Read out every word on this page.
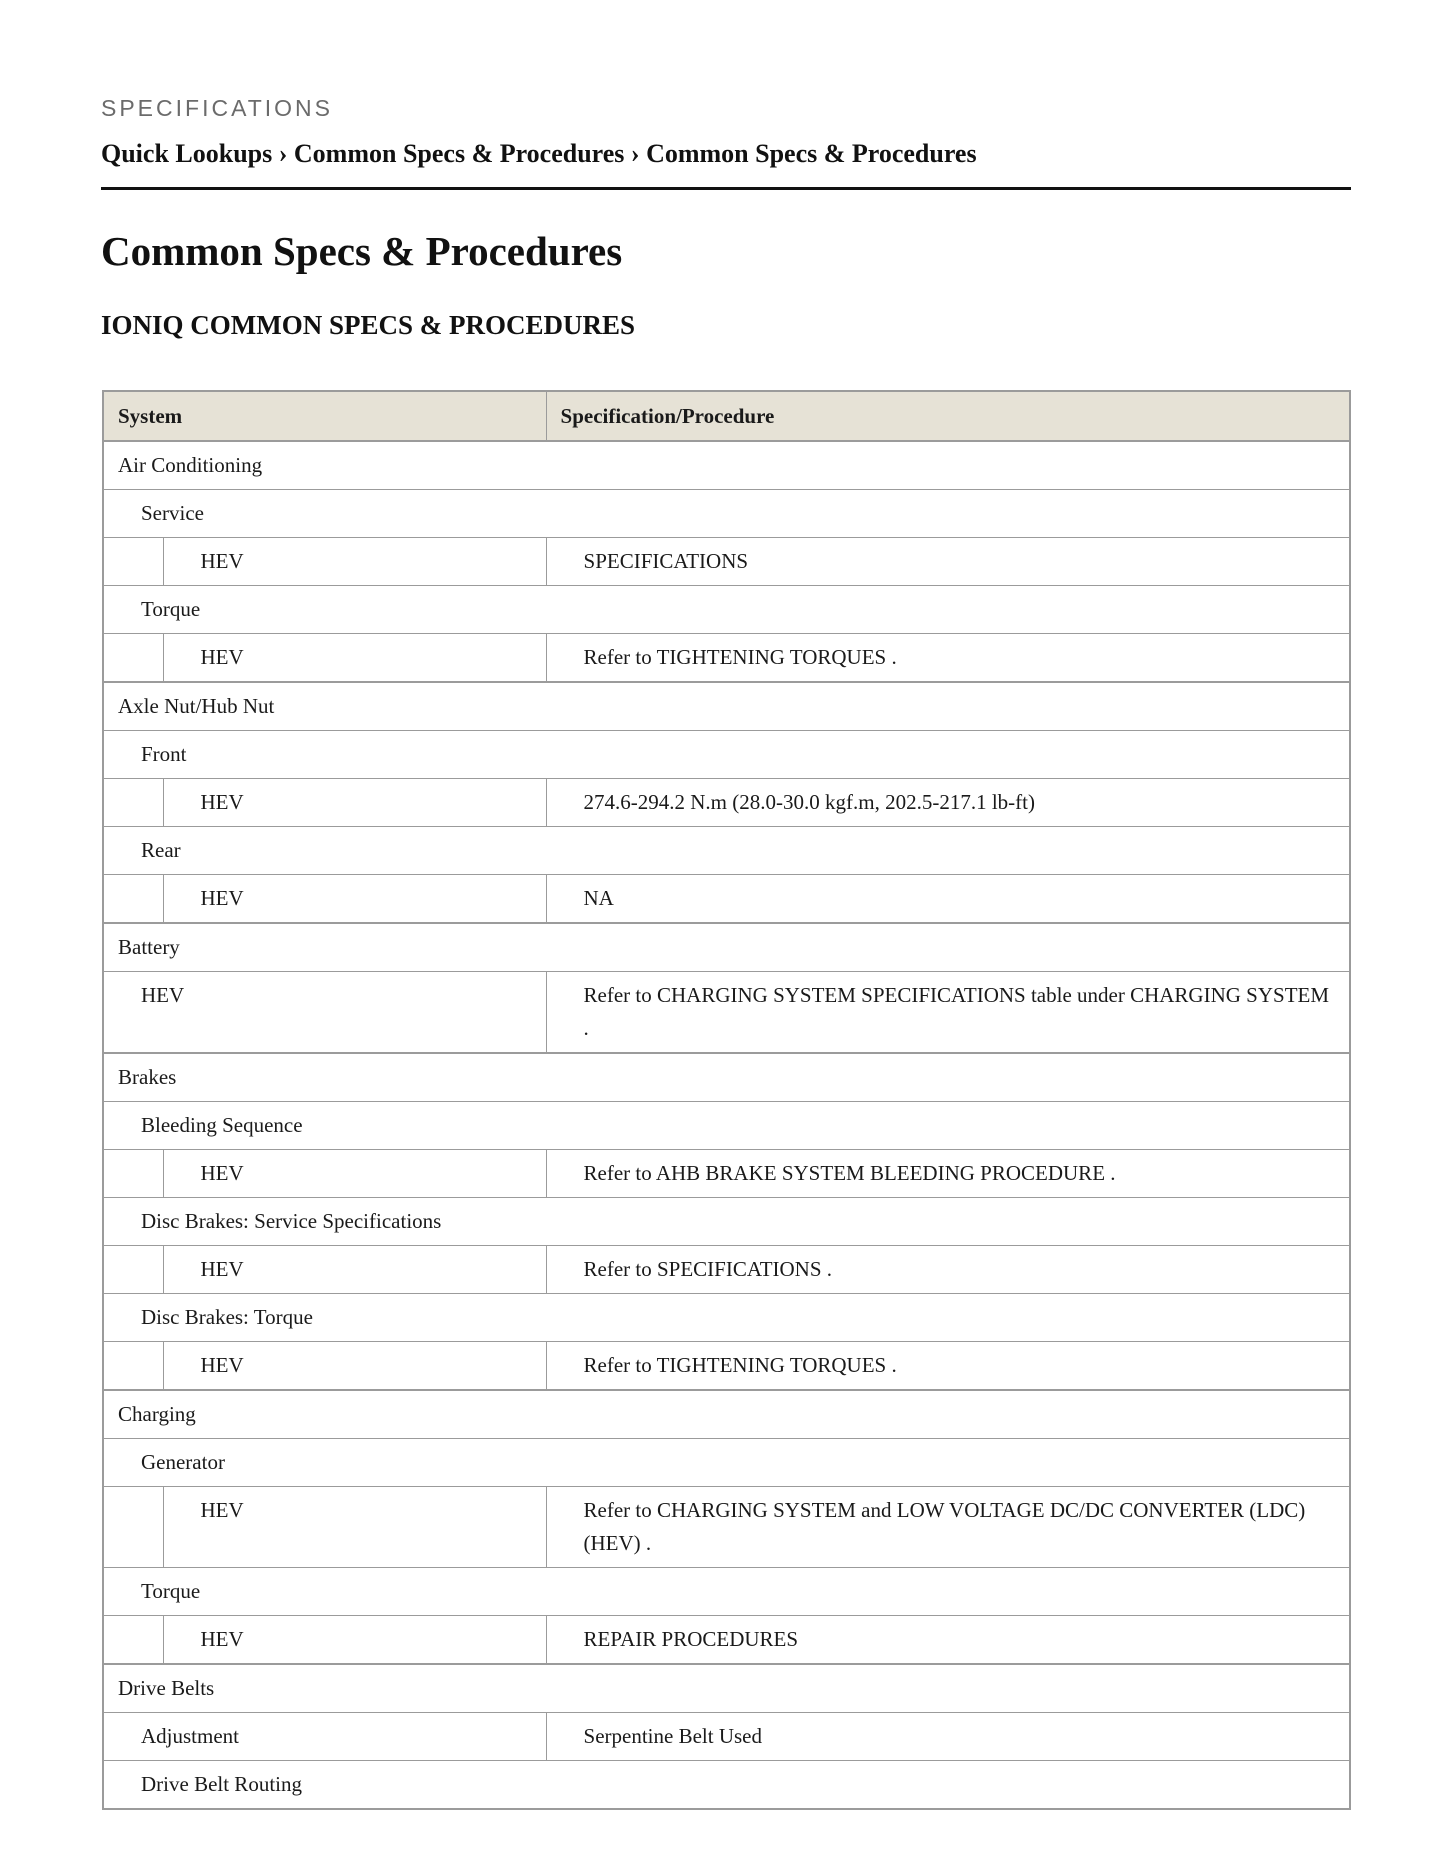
SPECIFICATIONS
Quick Lookups › Common Specs & Procedures › Common Specs & Procedures
Common Specs & Procedures
IONIQ COMMON SPECS & PROCEDURES
System		Specification/Procedure
Air Conditioning		
Service		
	HEV	SPECIFICATIONS
Torque		
	HEV	Refer to TIGHTENING TORQUES .
Axle Nut/Hub Nut		
Front		
	HEV	274.6-294.2 N.m (28.0-30.0 kgf.m, 202.5-217.1 lb-ft)
Rear		
	HEV	NA
Battery		
HEV		Refer to CHARGING SYSTEM SPECIFICATIONS table under CHARGING SYSTEM .
Brakes		
Bleeding Sequence		
	HEV	Refer to AHB BRAKE SYSTEM BLEEDING PROCEDURE .
Disc Brakes: Service Specifications		
	HEV	Refer to SPECIFICATIONS .
Disc Brakes: Torque		
	HEV	Refer to TIGHTENING TORQUES .
Charging		
Generator		
	HEV	Refer to CHARGING SYSTEM and LOW VOLTAGE DC/DC CONVERTER (LDC) (HEV) .
Torque		
	HEV	REPAIR PROCEDURES
Drive Belts		
Adjustment		Serpentine Belt Used
Drive Belt Routing		
